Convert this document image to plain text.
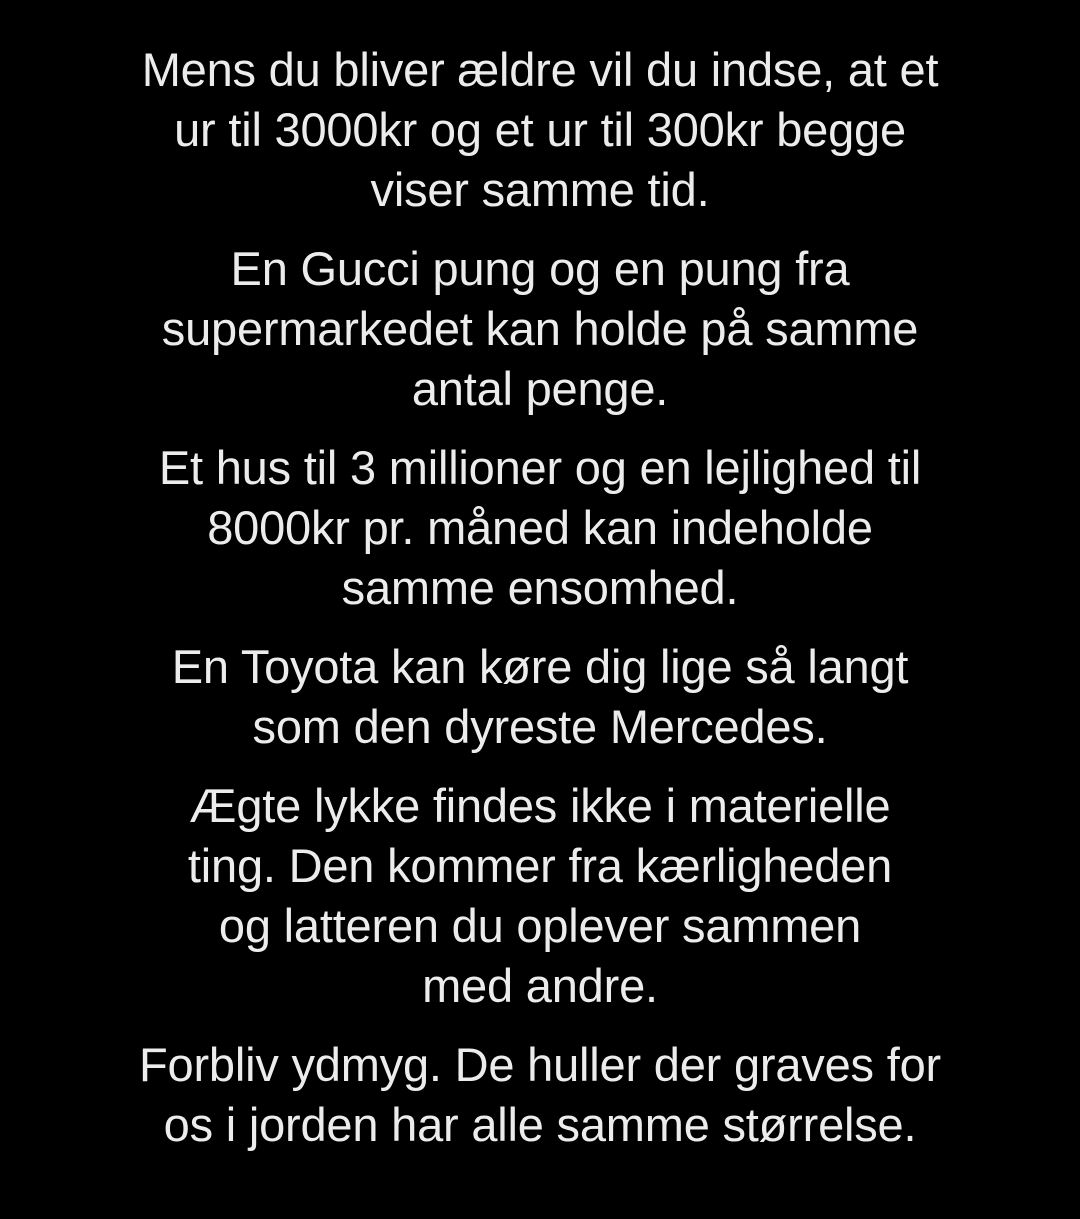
Mens du bliver ældre vil du indse, at et
ur til 3000kr og et ur til 300kr begge
viser samme tid.
En Gucci pung og en pung fra
supermarkedet kan holde på samme
antal penge.
Et hus til 3 millioner og en lejlighed til
8000kr pr. måned kan indeholde
samme ensomhed.
En Toyota kan køre dig lige så langt
som den dyreste Mercedes.
Ægte lykke findes ikke i materielle
ting. Den kommer fra kærligheden
og latteren du oplever sammen
med andre.
Forbliv ydmyg. De huller der graves for
os i jorden har alle samme størrelse.
